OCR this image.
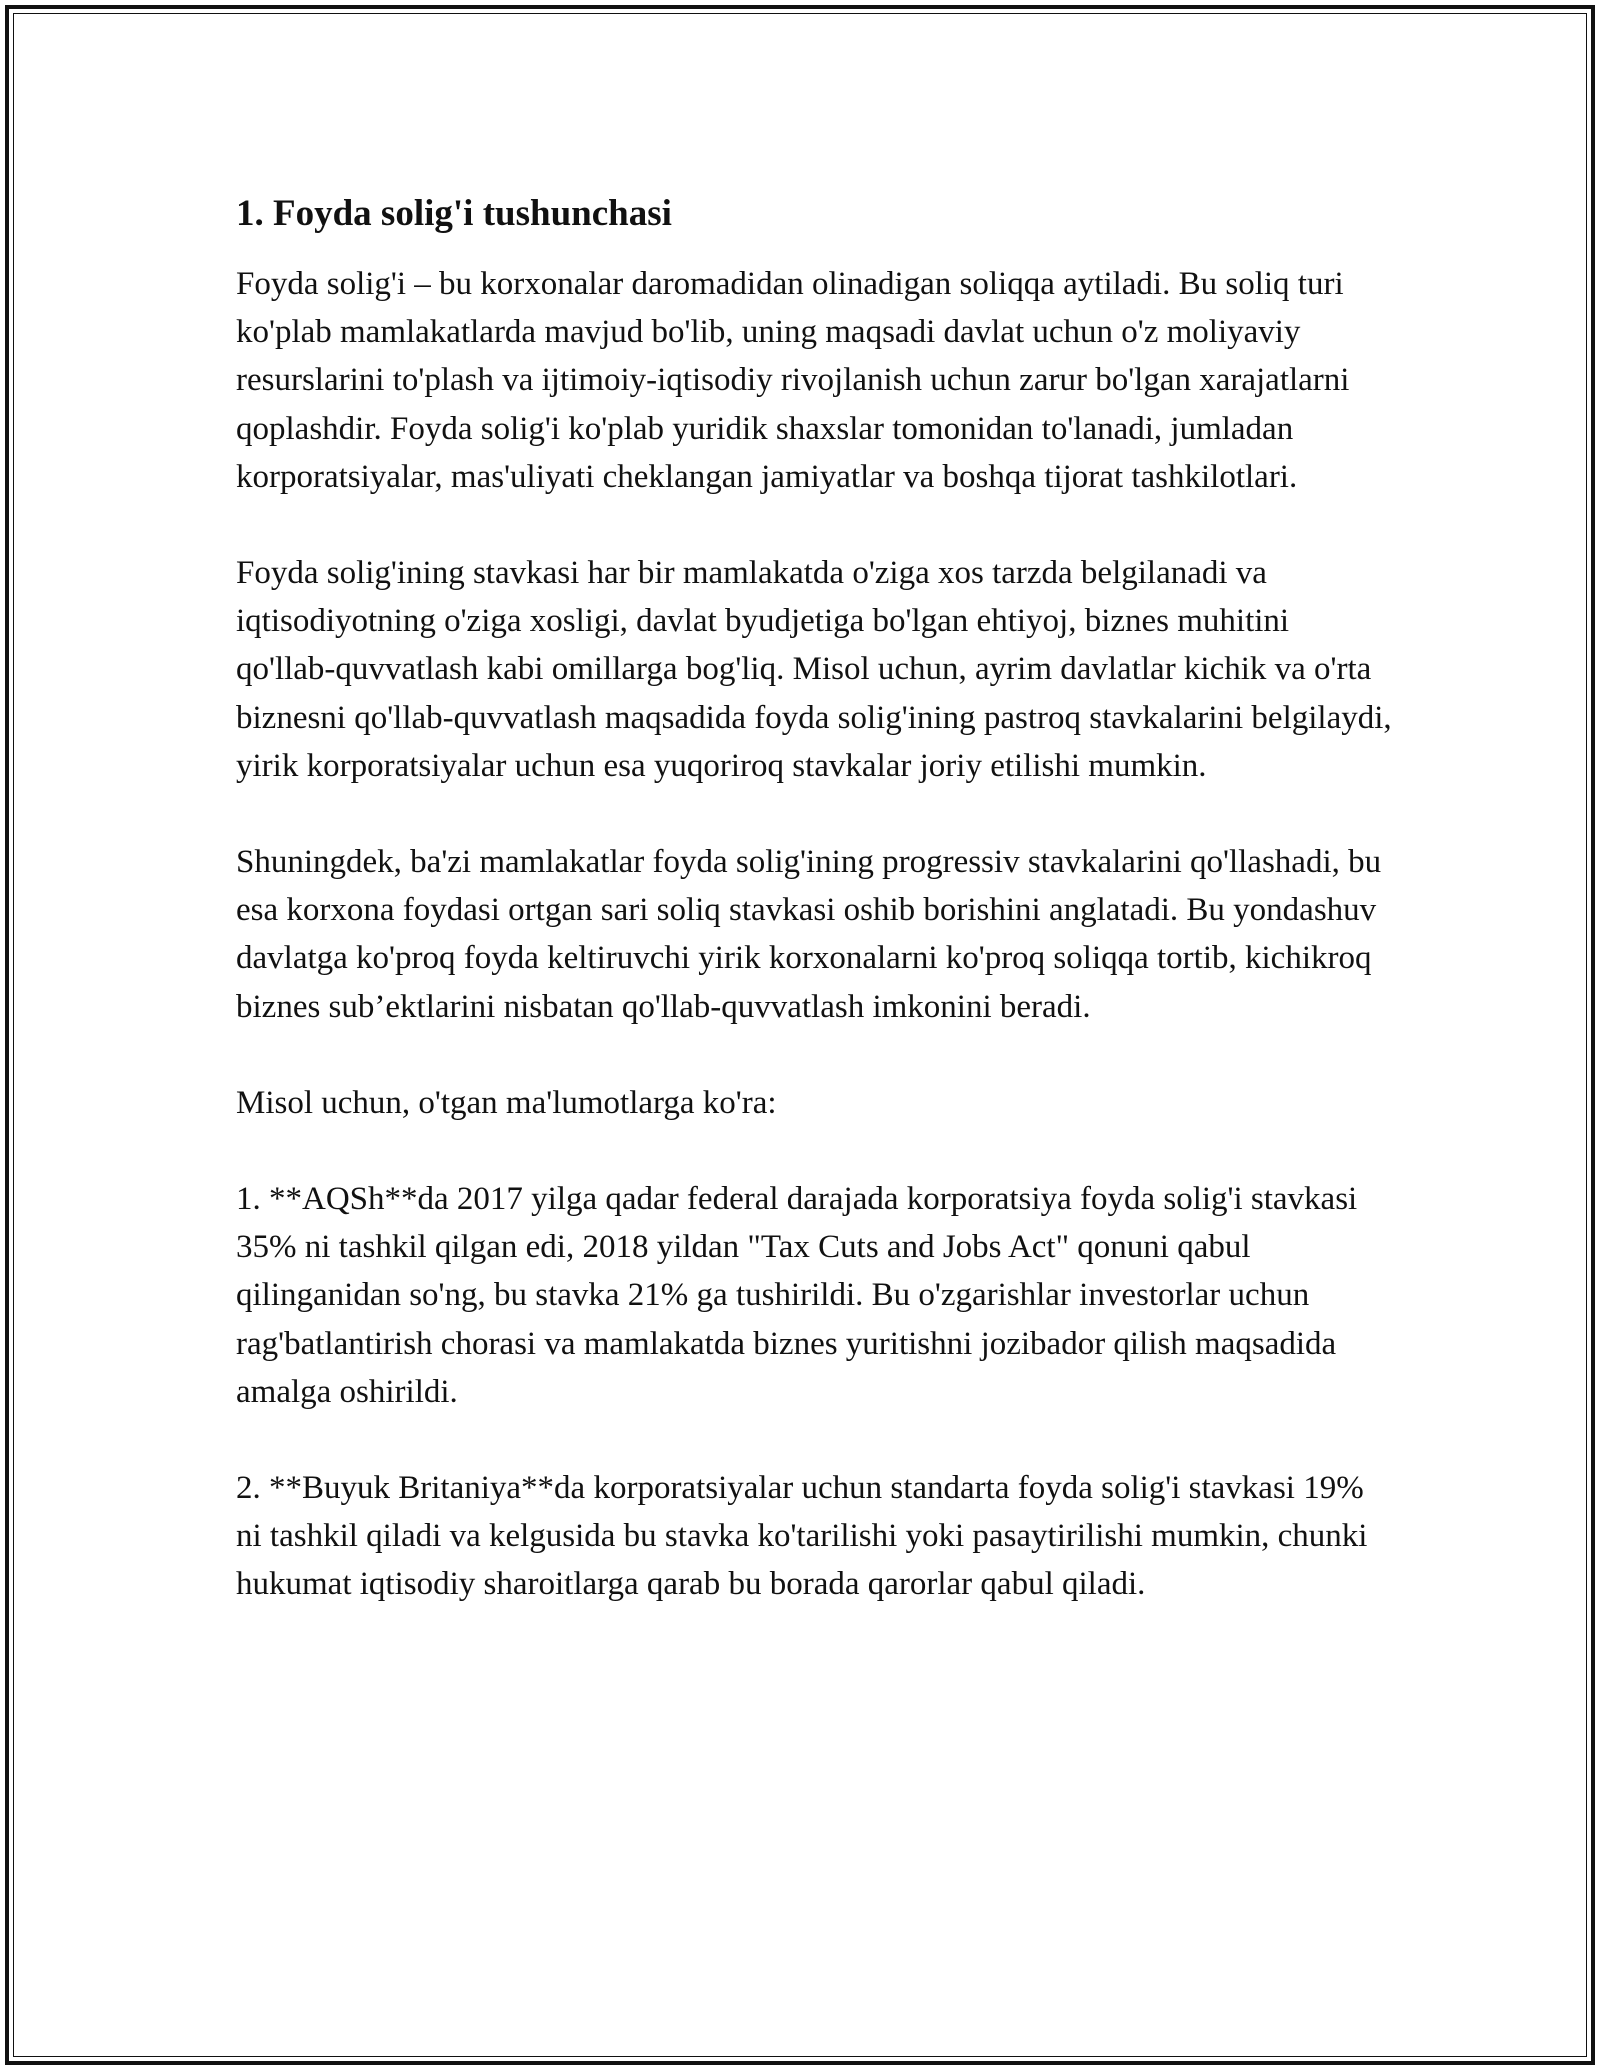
1. Foyda solig'i tushunchasi

Foyda solig'i – bu korxonalar daromadidan olinadigan soliqqa aytiladi. Bu soliq turi ko'plab mamlakatlarda mavjud bo'lib, uning maqsadi davlat uchun o'z moliyaviy resurslarini to'plash va ijtimoiy-iqtisodiy rivojlanish uchun zarur bo'lgan xarajatlarni qoplashdir. Foyda solig'i ko'plab yuridik shaxslar tomonidan to'lanadi, jumladan korporatsiyalar, mas'uliyati cheklangan jamiyatlar va boshqa tijorat tashkilotlari.

Foyda solig'ining stavkasi har bir mamlakatda o'ziga xos tarzda belgilanadi va iqtisodiyotning o'ziga xosligi, davlat byudjetiga bo'lgan ehtiyoj, biznes muhitini qo'llab-quvvatlash kabi omillarga bog'liq. Misol uchun, ayrim davlatlar kichik va o'rta biznesni qo'llab-quvvatlash maqsadida foyda solig'ining pastroq stavkalarini belgilaydi, yirik korporatsiyalar uchun esa yuqoriroq stavkalar joriy etilishi mumkin.

Shuningdek, ba'zi mamlakatlar foyda solig'ining progressiv stavkalarini qo'llashadi, bu esa korxona foydasi ortgan sari soliq stavkasi oshib borishini anglatadi. Bu yondashuv davlatga ko'proq foyda keltiruvchi yirik korxonalarni ko'proq soliqqa tortib, kichikroq biznes sub’ektlarini nisbatan qo'llab-quvvatlash imkonini beradi.

Misol uchun, o'tgan ma'lumotlarga ko'ra:

1. **AQSh**da 2017 yilga qadar federal darajada korporatsiya foyda solig'i stavkasi 35% ni tashkil qilgan edi, 2018 yildan "Tax Cuts and Jobs Act" qonuni qabul qilinganidan so'ng, bu stavka 21% ga tushirildi. Bu o'zgarishlar investorlar uchun rag'batlantirish chorasi va mamlakatda biznes yuritishni jozibador qilish maqsadida amalga oshirildi.

2. **Buyuk Britaniya**da korporatsiyalar uchun standarta foyda solig'i stavkasi 19% ni tashkil qiladi va kelgusida bu stavka ko'tarilishi yoki pasaytirilishi mumkin, chunki hukumat iqtisodiy sharoitlarga qarab bu borada qarorlar qabul qiladi.
